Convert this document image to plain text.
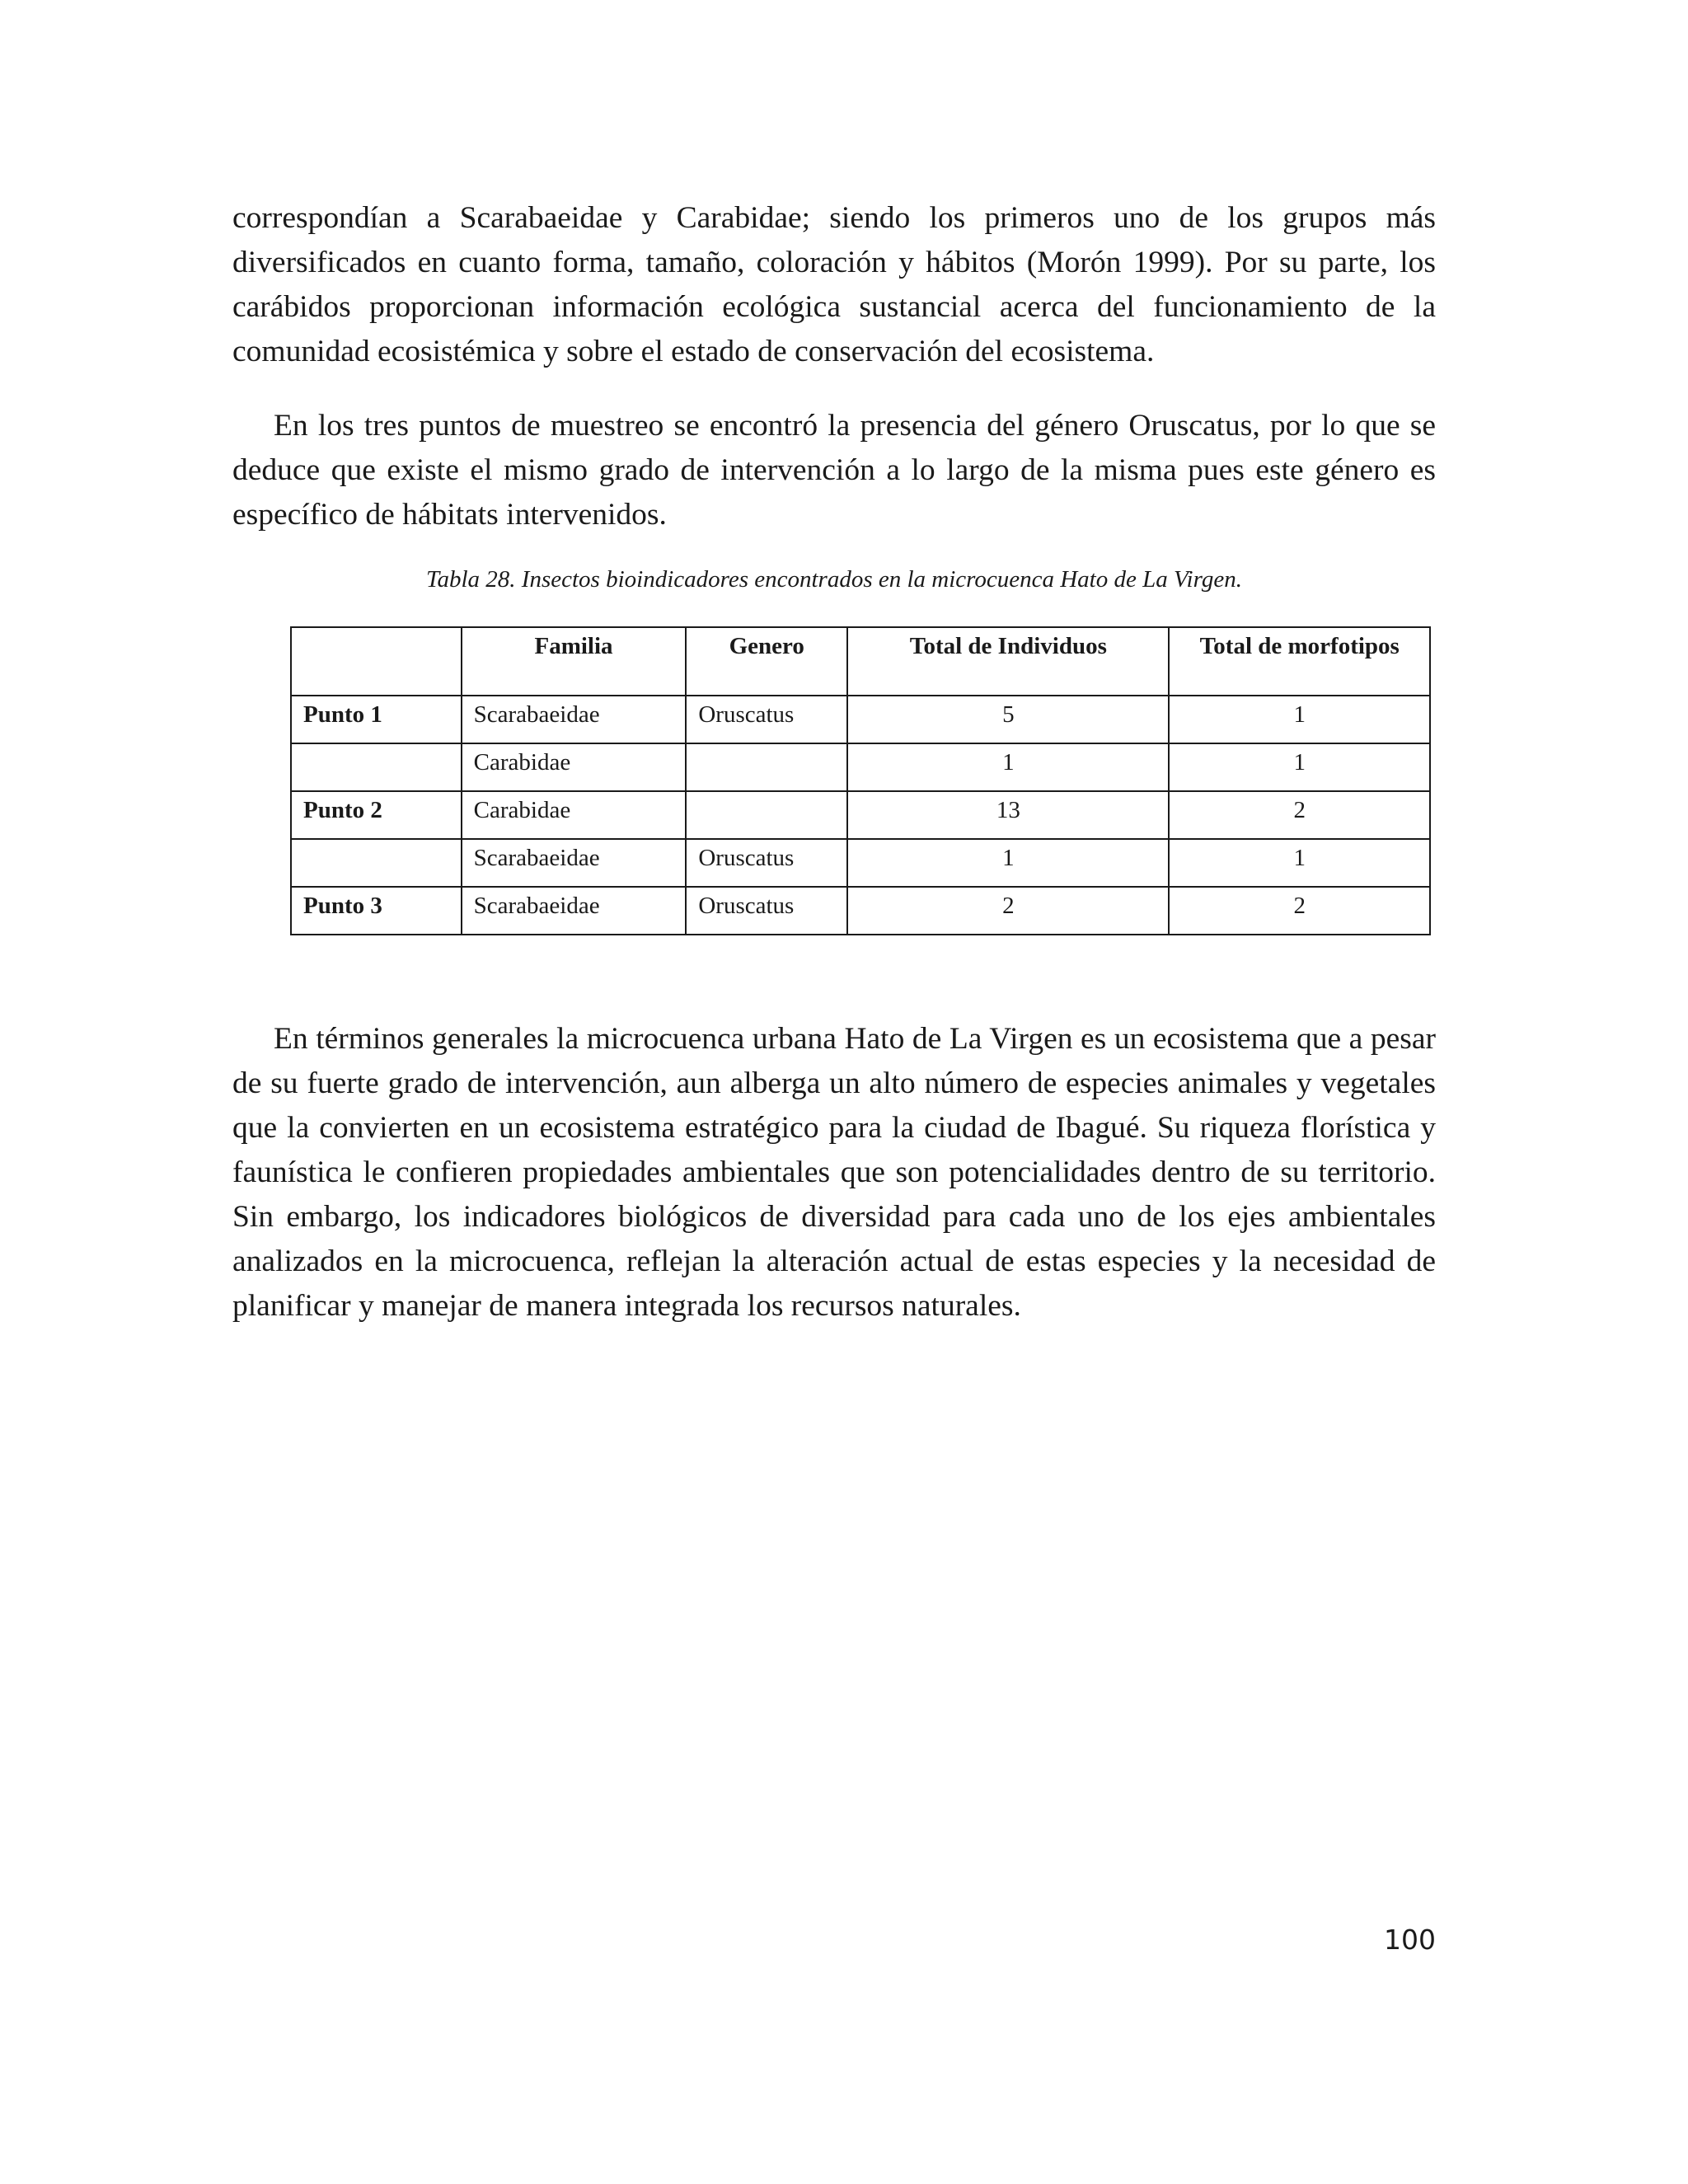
correspondían a Scarabaeidae y Carabidae; siendo los primeros uno de los grupos más diversificados en cuanto forma, tamaño, coloración y hábitos (Morón 1999). Por su parte, los carábidos proporcionan información ecológica sustancial acerca del funcionamiento de la comunidad ecosistémica y sobre el estado de conservación del ecosistema.

En los tres puntos de muestreo se encontró la presencia del género Oruscatus, por lo que se deduce que existe el mismo grado de intervención a lo largo de la misma pues este género es específico de hábitats intervenidos.

Tabla 28. Insectos bioindicadores encontrados en la microcuenca Hato de La Virgen.

	Familia	Genero	Total de Individuos	Total de morfotipos
Punto 1	Scarabaeidae	Oruscatus	5	1
	Carabidae		1	1
Punto 2	Carabidae		13	2
	Scarabaeidae	Oruscatus	1	1
Punto 3	Scarabaeidae	Oruscatus	2	2

En términos generales la microcuenca urbana Hato de La Virgen es un ecosistema que a pesar de su fuerte grado de intervención, aun alberga un alto número de especies animales y vegetales que la convierten en un ecosistema estratégico para la ciudad de Ibagué. Su riqueza florística y faunística le confieren propiedades ambientales que son potencialidades dentro de su territorio. Sin embargo, los indicadores biológicos de diversidad para cada uno de los ejes ambientales analizados en la microcuenca, reflejan la alteración actual de estas especies y la necesidad de planificar y manejar de manera integrada los recursos naturales.

100
